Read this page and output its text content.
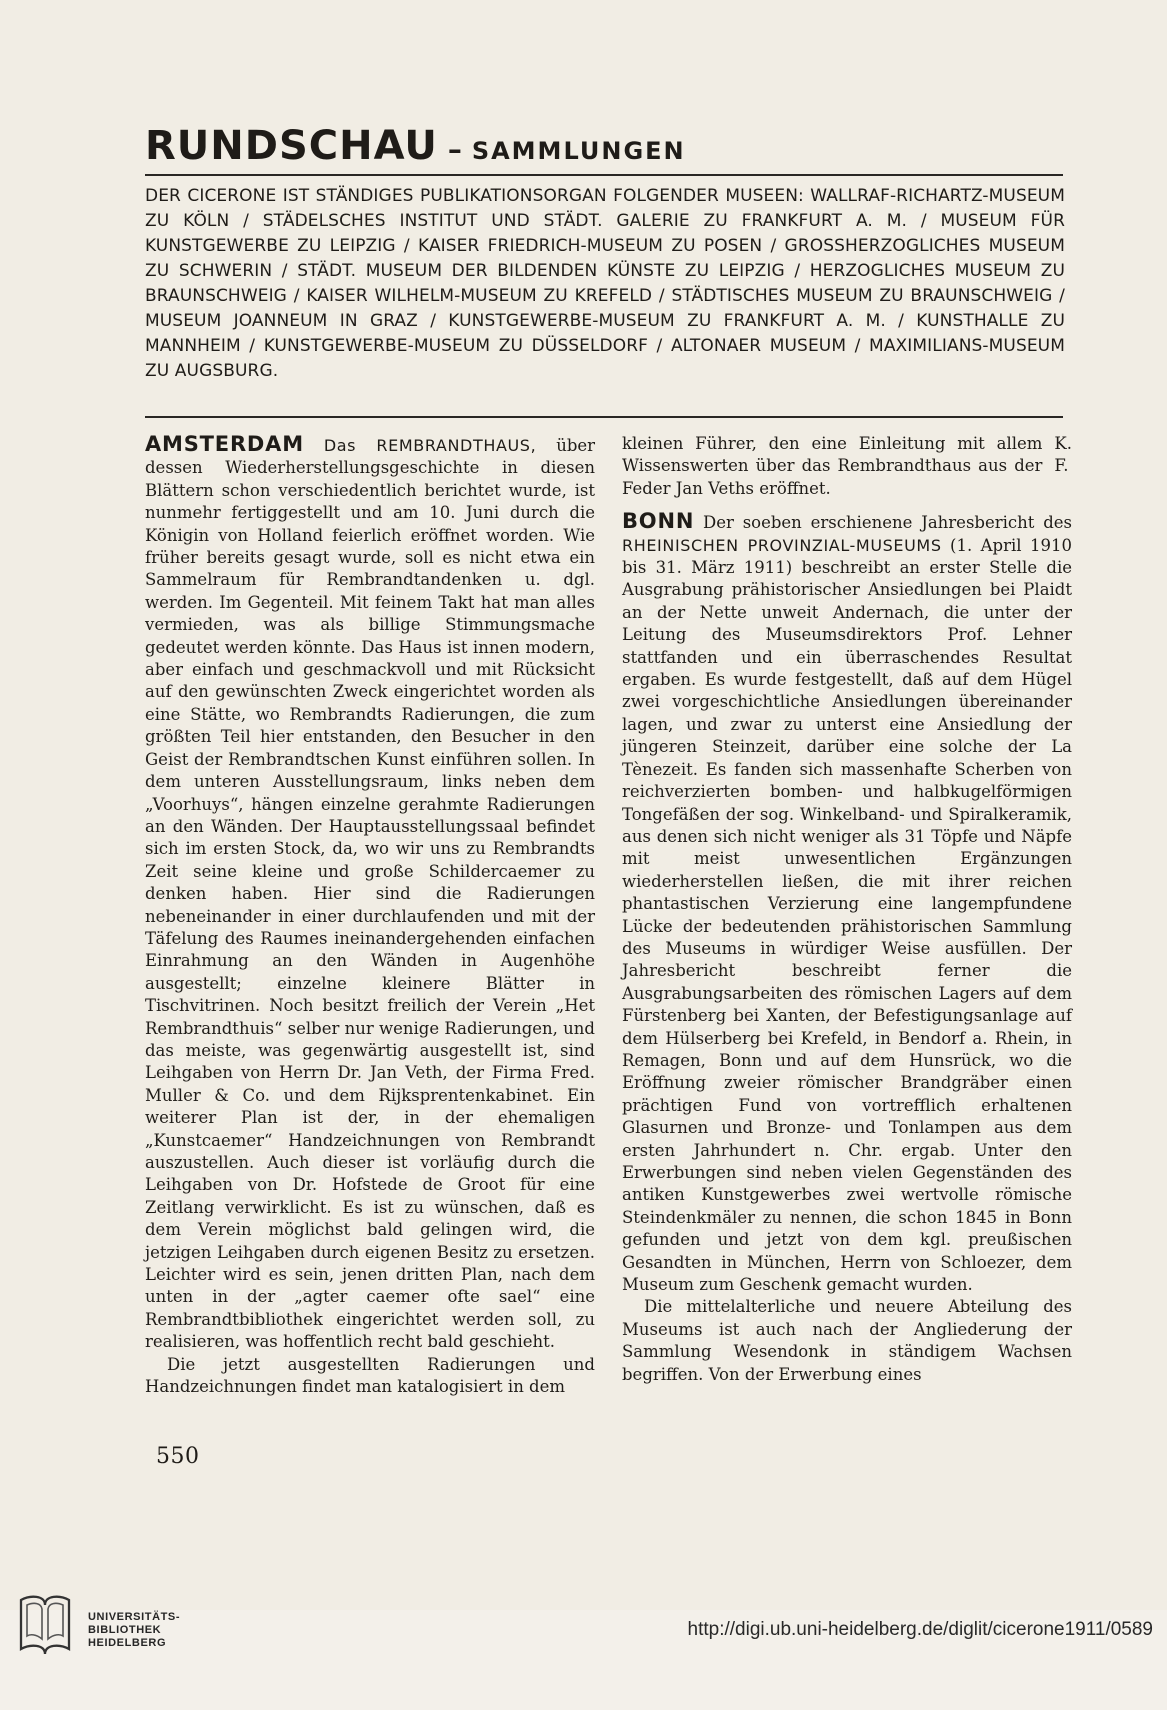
RUNDSCHAU – SAMMLUNGEN
DER CICERONE IST STÄNDIGES PUBLIKATIONSORGAN FOLGENDER MUSEEN: WALLRAF-RICHARTZ-MUSEUM ZU KÖLN / STÄDELSCHES INSTITUT UND STÄDT. GALERIE ZU FRANKFURT A. M. / MUSEUM FÜR KUNSTGEWERBE ZU LEIPZIG / KAISER FRIEDRICH-MUSEUM ZU POSEN / GROSSHERZOGLICHES MUSEUM ZU SCHWERIN / STÄDT. MUSEUM DER BILDENDEN KÜNSTE ZU LEIPZIG / HERZOGLICHES MUSEUM ZU BRAUNSCHWEIG / KAISER WILHELM-MUSEUM ZU KREFELD / STÄDTISCHES MUSEUM ZU BRAUNSCHWEIG / MUSEUM JOANNEUM IN GRAZ / KUNSTGEWERBE-MUSEUM ZU FRANKFURT A. M. / KUNSTHALLE ZU MANNHEIM / KUNSTGEWERBE-MUSEUM ZU DÜSSELDORF / ALTONAER MUSEUM / MAXIMILIANS-MUSEUM ZU AUGSBURG.

AMSTERDAM Das REMBRANDTHAUS, über dessen Wiederherstellungsgeschichte in diesen Blättern schon verschiedentlich berichtet wurde, ist nunmehr fertiggestellt und am 10. Juni durch die Königin von Holland feierlich eröffnet worden. Wie früher bereits gesagt wurde, soll es nicht etwa ein Sammelraum für Rembrandtandenken u. dgl. werden. Im Gegenteil. Mit feinem Takt hat man alles vermieden, was als billige Stimmungsmache gedeutet werden könnte. Das Haus ist innen modern, aber einfach und geschmackvoll und mit Rücksicht auf den gewünschten Zweck eingerichtet worden als eine Stätte, wo Rembrandts Radierungen, die zum größten Teil hier entstanden, den Besucher in den Geist der Rembrandtschen Kunst einführen sollen. In dem unteren Ausstellungsraum, links neben dem „Voorhuys“, hängen einzelne gerahmte Radierungen an den Wänden. Der Hauptausstellungssaal befindet sich im ersten Stock, da, wo wir uns zu Rembrandts Zeit seine kleine und große Schildercaemer zu denken haben. Hier sind die Radierungen nebeneinander in einer durchlaufenden und mit der Täfelung des Raumes ineinandergehenden einfachen Einrahmung an den Wänden in Augenhöhe ausgestellt; einzelne kleinere Blätter in Tischvitrinen. Noch besitzt freilich der Verein „Het Rembrandthuis“ selber nur wenige Radierungen, und das meiste, was gegenwärtig ausgestellt ist, sind Leihgaben von Herrn Dr. Jan Veth, der Firma Fred. Muller & Co. und dem Rijksprentenkabinet. Ein weiterer Plan ist der, in der ehemaligen „Kunstcaemer“ Handzeichnungen von Rembrandt auszustellen. Auch dieser ist vorläufig durch die Leihgaben von Dr. Hofstede de Groot für eine Zeitlang verwirklicht. Es ist zu wünschen, daß es dem Verein möglichst bald gelingen wird, die jetzigen Leihgaben durch eigenen Besitz zu ersetzen. Leichter wird es sein, jenen dritten Plan, nach dem unten in der „agter caemer ofte sael“ eine Rembrandtbibliothek eingerichtet werden soll, zu realisieren, was hoffentlich recht bald geschieht.

Die jetzt ausgestellten Radierungen und Handzeichnungen findet man katalogisiert in dem

kleinen Führer, den eine Einleitung mit allem Wissenswerten über das Rembrandthaus aus der Feder Jan Veths eröffnet.
K. F.

BONN Der soeben erschienene Jahresbericht des RHEINISCHEN PROVINZIAL-MUSEUMS (1. April 1910 bis 31. März 1911) beschreibt an erster Stelle die Ausgrabung prähistorischer Ansiedlungen bei Plaidt an der Nette unweit Andernach, die unter der Leitung des Museumsdirektors Prof. Lehner stattfanden und ein überraschendes Resultat ergaben. Es wurde festgestellt, daß auf dem Hügel zwei vorgeschichtliche Ansiedlungen übereinander lagen, und zwar zu unterst eine Ansiedlung der jüngeren Steinzeit, darüber eine solche der La Tènezeit. Es fanden sich massenhafte Scherben von reichverzierten bomben- und halbkugelförmigen Tongefäßen der sog. Winkelband- und Spiralkeramik, aus denen sich nicht weniger als 31 Töpfe und Näpfe mit meist unwesentlichen Ergänzungen wiederherstellen ließen, die mit ihrer reichen phantastischen Verzierung eine langempfundene Lücke der bedeutenden prähistorischen Sammlung des Museums in würdiger Weise ausfüllen. Der Jahresbericht beschreibt ferner die Ausgrabungsarbeiten des römischen Lagers auf dem Fürstenberg bei Xanten, der Befestigungsanlage auf dem Hülserberg bei Krefeld, in Bendorf a. Rhein, in Remagen, Bonn und auf dem Hunsrück, wo die Eröffnung zweier römischer Brandgräber einen prächtigen Fund von vortrefflich erhaltenen Glasurnen und Bronze- und Tonlampen aus dem ersten Jahrhundert n. Chr. ergab. Unter den Erwerbungen sind neben vielen Gegenständen des antiken Kunstgewerbes zwei wertvolle römische Steindenkmäler zu nennen, die schon 1845 in Bonn gefunden und jetzt von dem kgl. preußischen Gesandten in München, Herrn von Schloezer, dem Museum zum Geschenk gemacht wurden.

Die mittelalterliche und neuere Abteilung des Museums ist auch nach der Angliederung der Sammlung Wesendonk in ständigem Wachsen begriffen. Von der Erwerbung eines

550
UNIVERSITÄTS-
BIBLIOTHEK
HEIDELBERG
http://digi.ub.uni-heidelberg.de/diglit/cicerone1911/0589
